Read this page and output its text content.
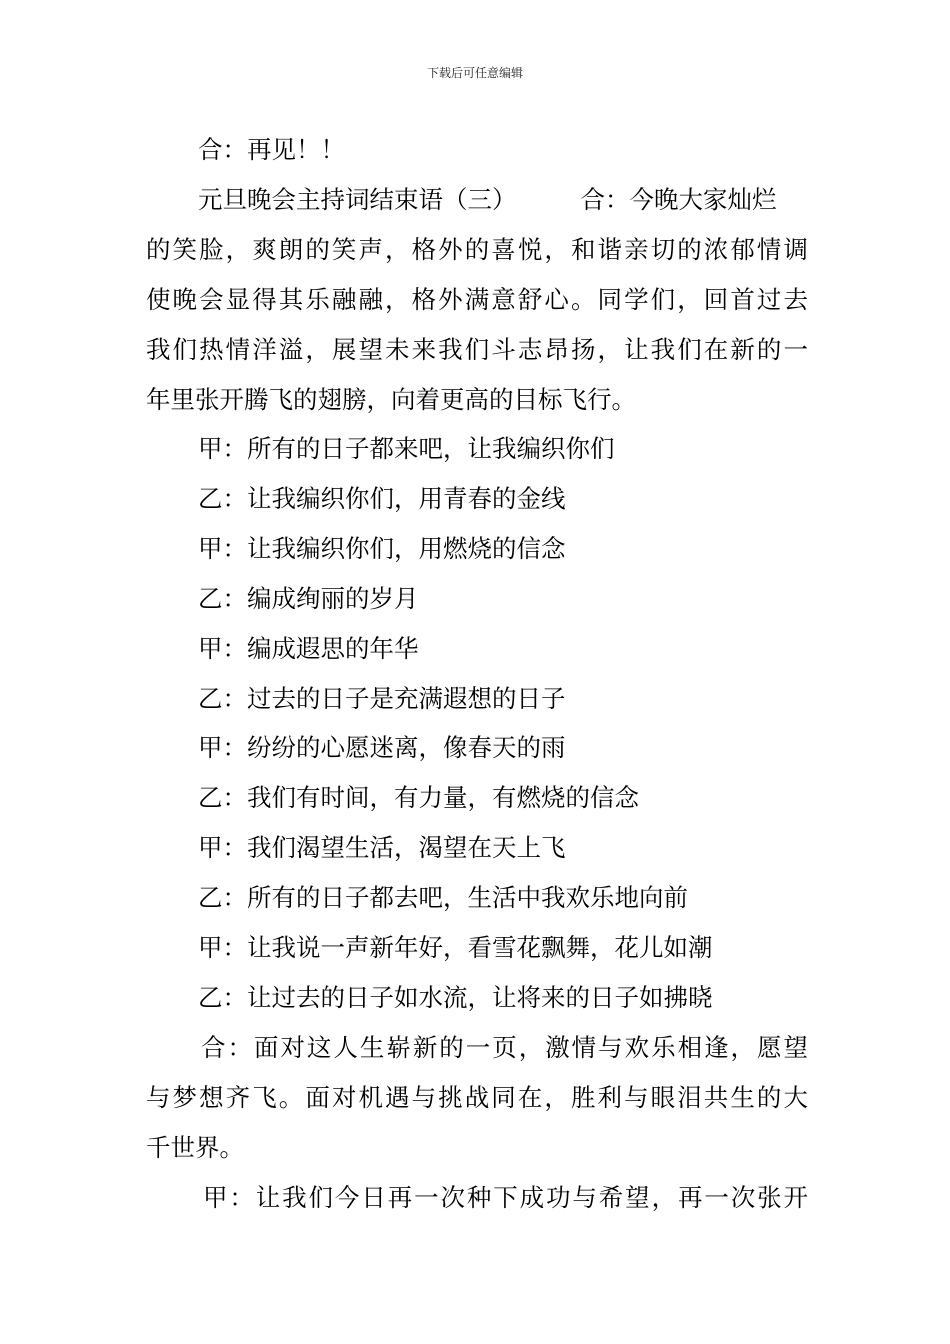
下载后可任意编辑
合：再见！！
元旦晚会主持词结束语（三）	合：今晚大家灿烂
的笑脸，爽朗的笑声，格外的喜悦，和谐亲切的浓郁情调
使晚会显得其乐融融，格外满意舒心。同学们，回首过去
我们热情洋溢，展望未来我们斗志昂扬，让我们在新的一
年里张开腾飞的翅膀，向着更高的目标飞行。
甲：所有的日子都来吧，让我编织你们
乙：让我编织你们，用青春的金线
甲：让我编织你们，用燃烧的信念
乙：编成绚丽的岁月
甲：编成遐思的年华
乙：过去的日子是充满遐想的日子
甲：纷纷的心愿迷离，像春天的雨
乙：我们有时间，有力量，有燃烧的信念
甲：我们渴望生活，渴望在天上飞
乙：所有的日子都去吧，生活中我欢乐地向前
甲：让我说一声新年好，看雪花飘舞，花儿如潮
乙：让过去的日子如水流，让将来的日子如拂晓
合：面对这人生崭新的一页，激情与欢乐相逢，愿望
与梦想齐飞。面对机遇与挑战同在，胜利与眼泪共生的大
千世界。
甲：让我们今日再一次种下成功与希望，再一次张开
